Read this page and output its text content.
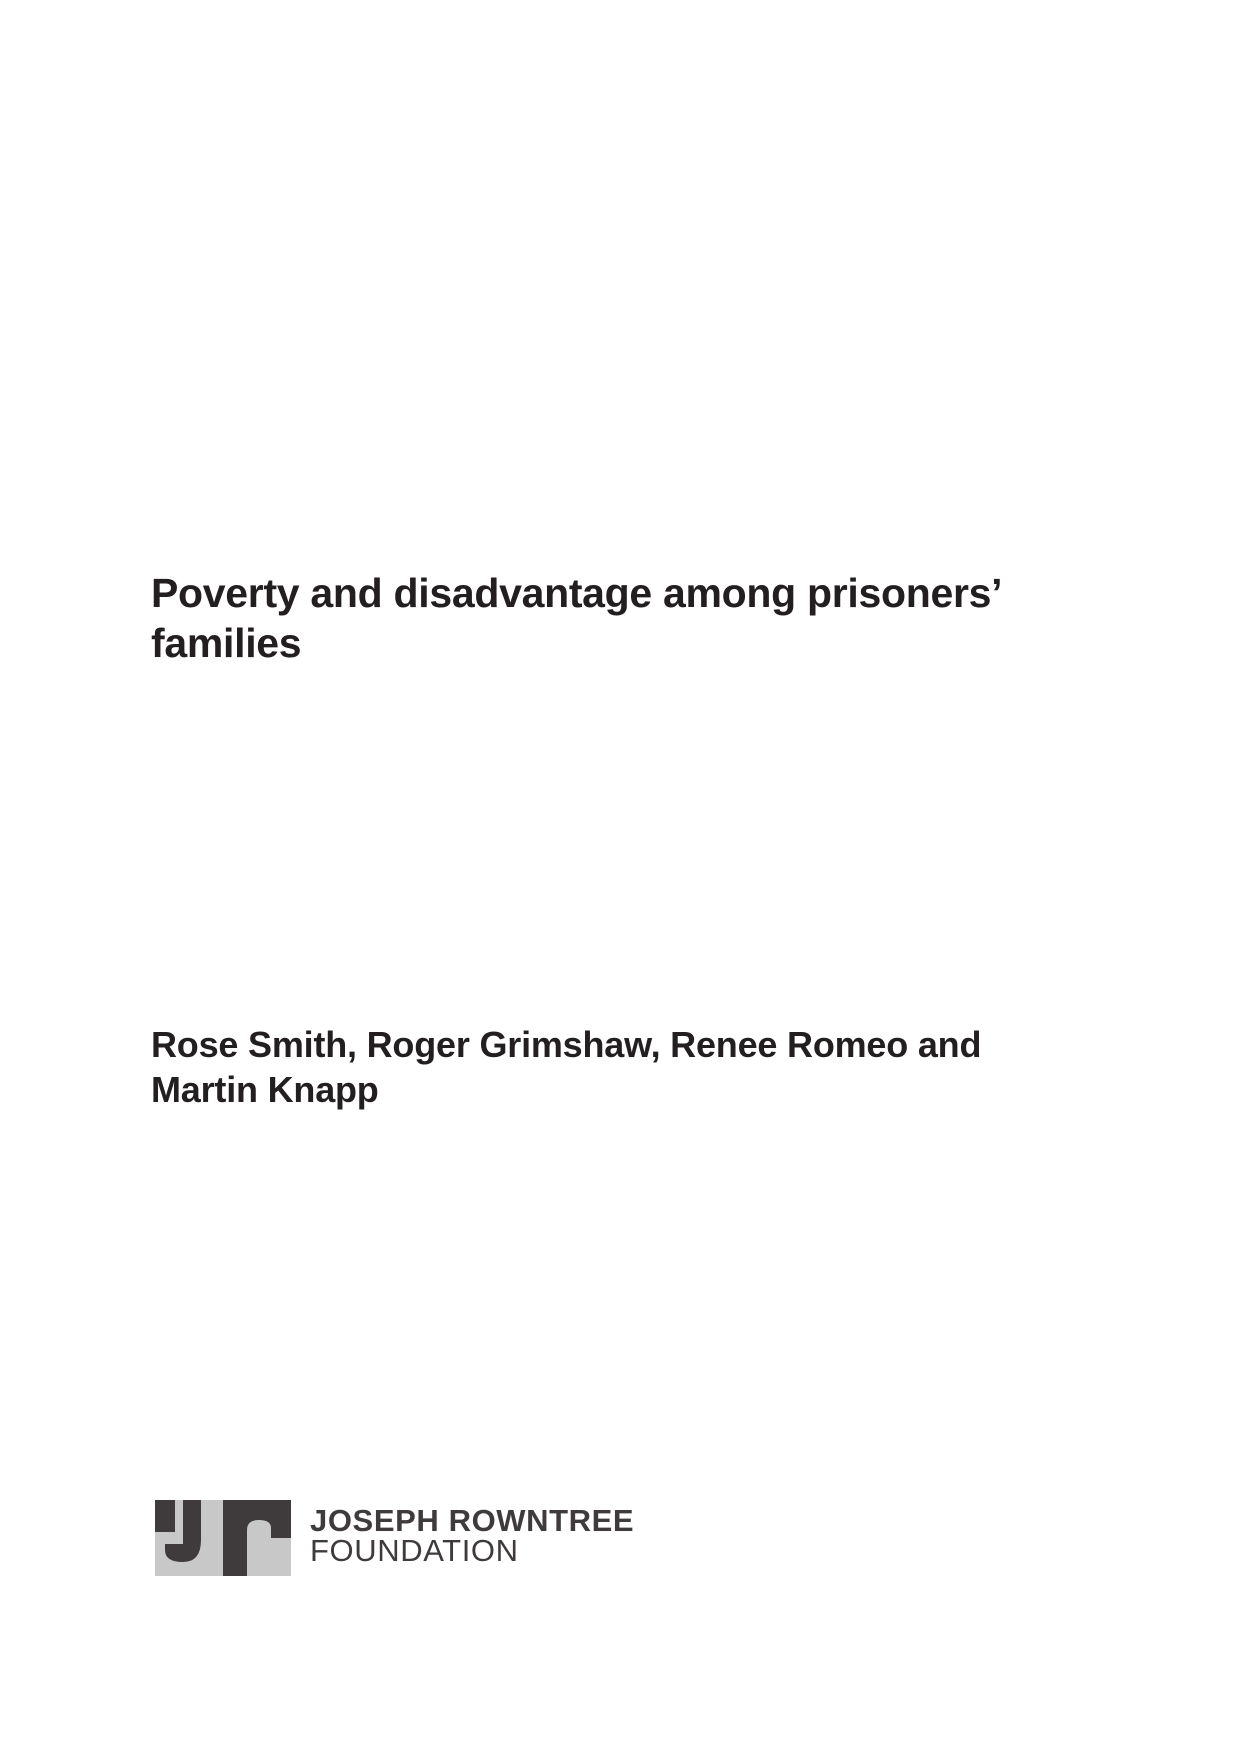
Poverty and disadvantage among prisoners’ families

Rose Smith, Roger Grimshaw, Renee Romeo and Martin Knapp

JOSEPH ROWNTREE
FOUNDATION
